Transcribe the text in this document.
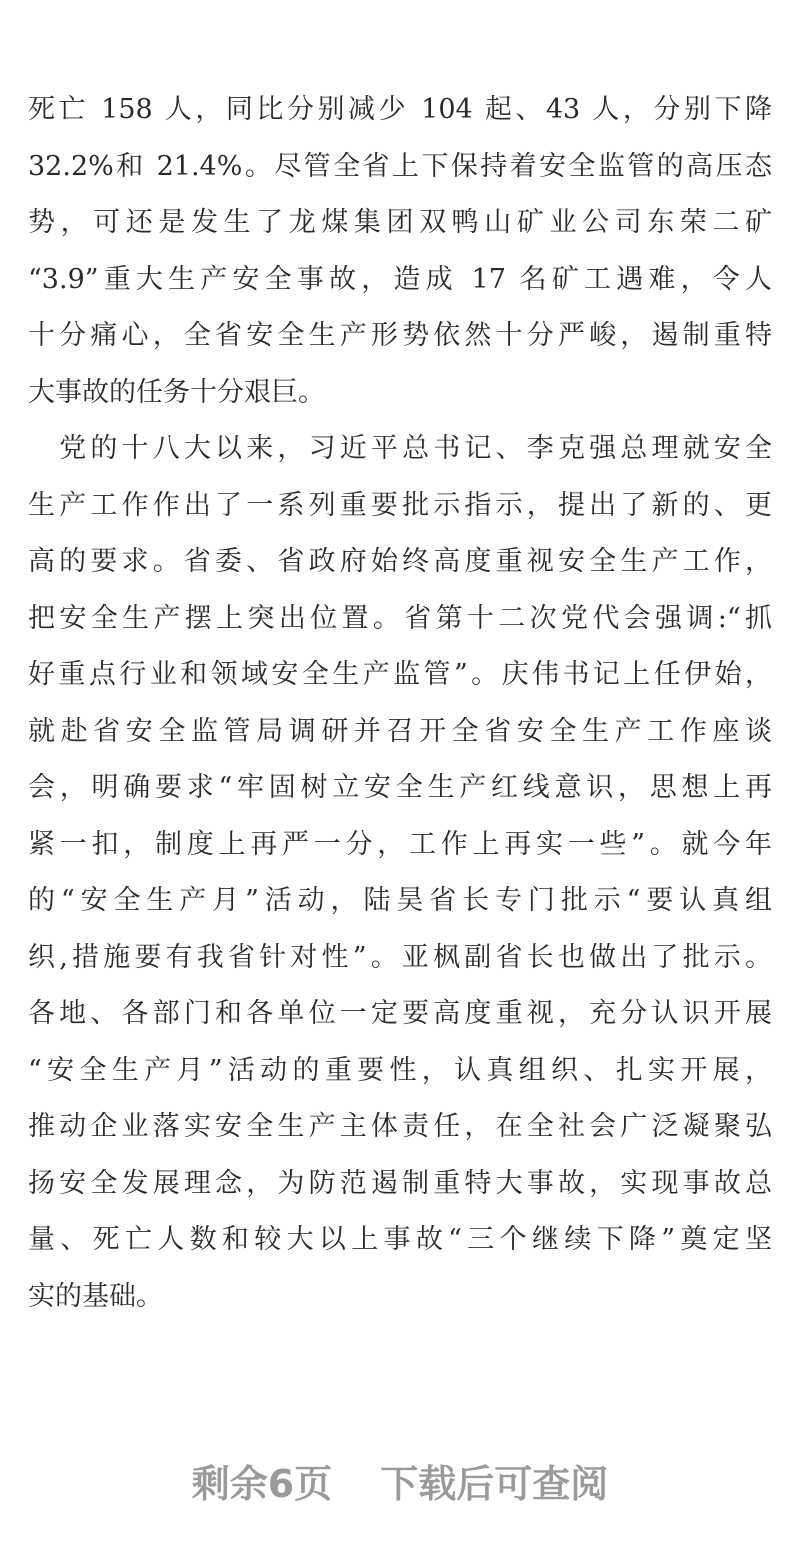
死亡 158 人，同比分别减少 104 起、43 人，分别下降
32.2%和 21.4%。尽管全省上下保持着安全监管的高压态
势，可还是发生了龙煤集团双鸭山矿业公司东荣二矿
“3.9”重大生产安全事故，造成 17 名矿工遇难，令人
十分痛心，全省安全生产形势依然十分严峻，遏制重特
大事故的任务十分艰巨。
　党的十八大以来，习近平总书记、李克强总理就安全
生产工作作出了一系列重要批示指示，提出了新的、更
高的要求。省委、省政府始终高度重视安全生产工作，
把安全生产摆上突出位置。省第十二次党代会强调:“抓
好重点行业和领域安全生产监管”。庆伟书记上任伊始，
就赴省安全监管局调研并召开全省安全生产工作座谈
会，明确要求“牢固树立安全生产红线意识，思想上再
紧一扣，制度上再严一分，工作上再实一些”。就今年
的“安全生产月”活动，陆昊省长专门批示“要认真组
织,措施要有我省针对性”。亚枫副省长也做出了批示。
各地、各部门和各单位一定要高度重视，充分认识开展
“安全生产月”活动的重要性，认真组织、扎实开展，
推动企业落实安全生产主体责任，在全社会广泛凝聚弘
扬安全发展理念，为防范遏制重特大事故，实现事故总
量、死亡人数和较大以上事故“三个继续下降”奠定坚
实的基础。
剩余6页 下载后可查阅
